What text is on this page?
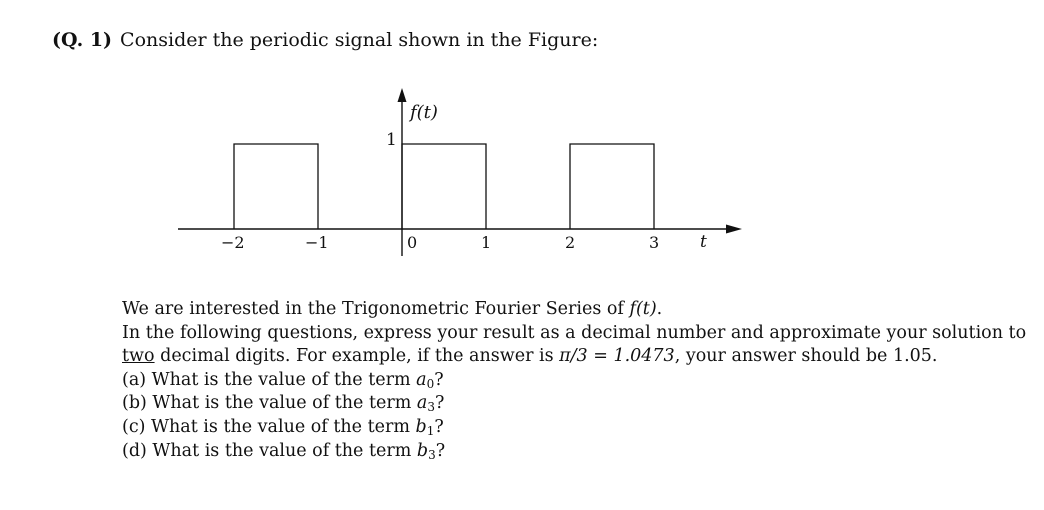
(Q. 1) Consider the periodic signal shown in the Figure:
−2	−1	0	1	2	3
f(t)
t
1

We are interested in the Trigonometric Fourier Series of f(t).

In the following questions, express your result as a decimal number and approximate your solution to

two decimal digits. For example, if the answer is π/3 = 1.0473, your answer should be 1.05.

(a) What is the value of the term $a_0$?

(b) What is the value of the term $a_3$?

(c) What is the value of the term $b_1$?

(d) What is the value of the term $b_3$?
